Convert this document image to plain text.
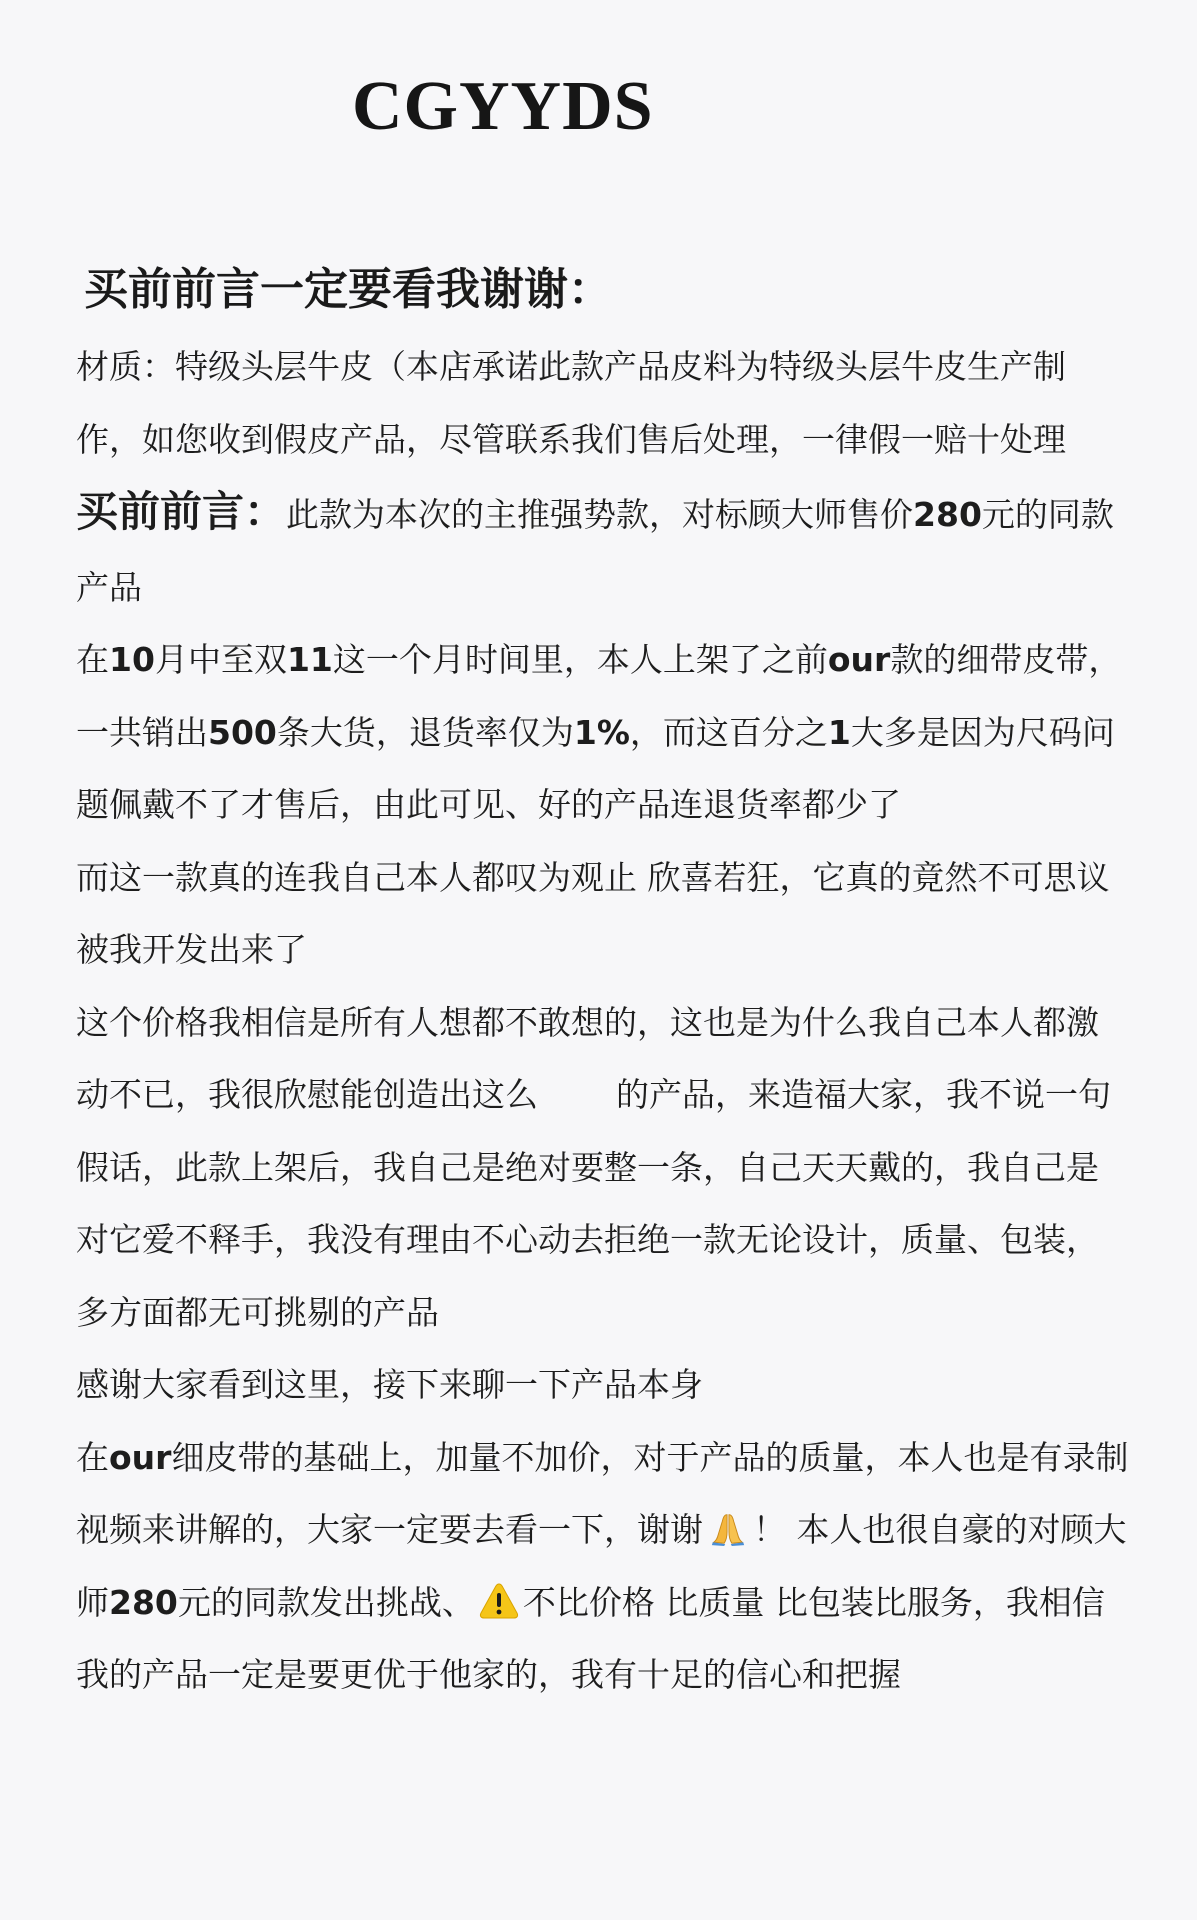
CGYYDS
买前前言一定要看我谢谢：

材质：特级头层牛皮（本店承诺此款产品皮料为特级头层牛皮生产制作，如您收到假皮产品，尽管联系我们售后处理，一律假一赔十处理

买前前言：此款为本次的主推强势款，对标顾大师售价280元的同款产品

在10月中至双11这一个月时间里，本人上架了之前our款的细带皮带，一共销出500条大货，退货率仅为1%，而这百分之1大多是因为尺码问题佩戴不了才售后，由此可见、好的产品连退货率都少了

而这一款真的连我自己本人都叹为观止 欣喜若狂，它真的竟然不可思议被我开发出来了

这个价格我相信是所有人想都不敢想的，这也是为什么我自己本人都激动不已，我很欣慰能创造出这么 的产品，来造福大家，我不说一句假话，此款上架后，我自己是绝对要整一条，自己天天戴的，我自己是对它爱不释手，我没有理由不心动去拒绝一款无论设计，质量、包装，多方面都无可挑剔的产品

感谢大家看到这里，接下来聊一下产品本身

在our细皮带的基础上，加量不加价，对于产品的质量，本人也是有录制视频来讲解的，大家一定要去看一下，谢谢 ！ 本人也很自豪的对顾大师280元的同款发出挑战、 不比价格 比质量 比包装比服务，我相信我的产品一定是要更优于他家的，我有十足的信心和把握
